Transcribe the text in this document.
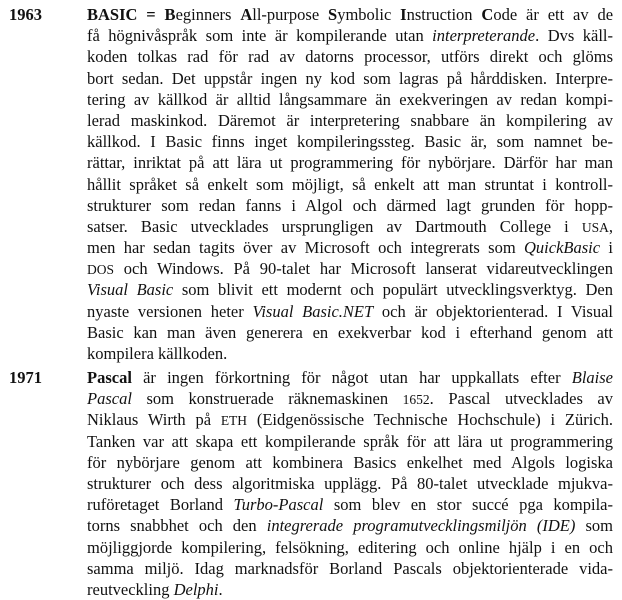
1963	BASIC = Beginners All-purpose Symbolic Instruction Code är ett av de
få högnivåspråk som inte är kompilerande utan interpreterande. Dvs käll-
koden tolkas rad för rad av datorns processor, utförs direkt och glöms
bort sedan. Det uppstår ingen ny kod som lagras på hårddisken. Interpre-
tering av källkod är alltid långsammare än exekveringen av redan kompi-
lerad maskinkod. Däremot är interpretering snabbare än kompilering av
källkod. I Basic finns inget kompileringssteg. Basic är, som namnet be-
rättar, inriktat på att lära ut programmering för nybörjare. Därför har man
hållit språket så enkelt som möjligt, så enkelt att man struntat i kontroll-
strukturer som redan fanns i Algol och därmed lagt grunden för hopp-
satser. Basic utvecklades ursprungligen av Dartmouth College i USA,
men har sedan tagits över av Microsoft och integrerats som QuickBasic i
DOS och Windows. På 90-talet har Microsoft lanserat vidareutvecklingen
Visual Basic som blivit ett modernt och populärt utvecklingsverktyg. Den
nyaste versionen heter Visual Basic.NET och är objektorienterad. I Visual
Basic kan man även generera en exekverbar kod i efterhand genom att
kompilera källkoden.
1971	Pascal är ingen förkortning för något utan har uppkallats efter Blaise
Pascal som konstruerade räknemaskinen 1652. Pascal utvecklades av
Niklaus Wirth på ETH (Eidgenössische Technische Hochschule) i Zürich.
Tanken var att skapa ett kompilerande språk för att lära ut programmering
för nybörjare genom att kombinera Basics enkelhet med Algols logiska
strukturer och dess algoritmiska upplägg. På 80-talet utvecklade mjukva-
ruföretaget Borland Turbo-Pascal som blev en stor succé pga kompila-
torns snabbhet och den integrerade programutvecklingsmiljön (IDE) som
möjliggjorde kompilering, felsökning, editering och online hjälp i en och
samma miljö. Idag marknadsför Borland Pascals objektorienterade vida-
reutveckling Delphi.
